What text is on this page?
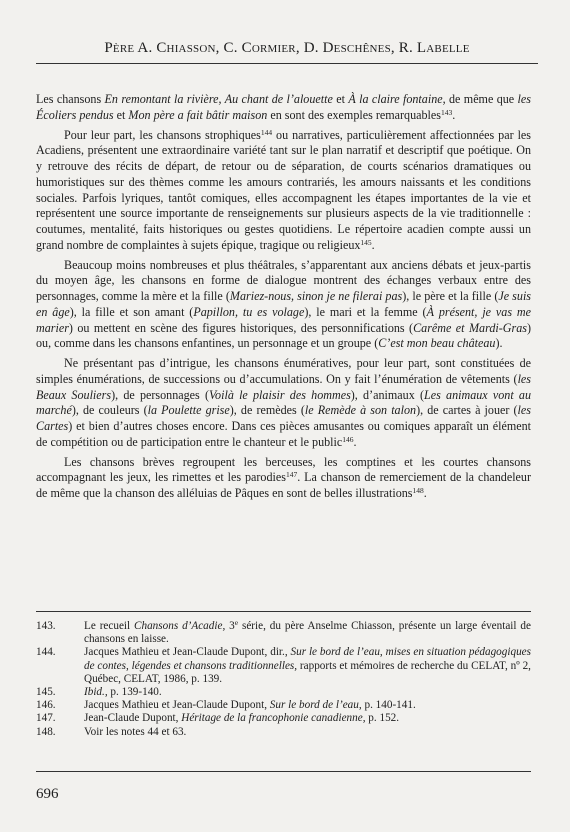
Père A. Chiasson, C. Cormier, D. Deschênes, R. Labelle

Les chansons En remontant la rivière, Au chant de l’alouette et À la claire fontaine, de même que les Écoliers pendus et Mon père a fait bâtir maison en sont des exemples remarquables$^{143}$.

Pour leur part, les chansons strophiques$^{144}$ ou narratives, particulièrement affectionnées par les Acadiens, présentent une extraordinaire variété tant sur le plan narratif et descriptif que poétique. On y retrouve des récits de départ, de retour ou de séparation, de courts scénarios dramatiques ou humoristiques sur des thèmes comme les amours contrariés, les amours naissants et les conditions sociales. Parfois lyriques, tantôt comiques, elles accompagnent les étapes importantes de la vie et représentent une source importante de renseignements sur plusieurs aspects de la vie traditionnelle : coutumes, mentalité, faits historiques ou gestes quotidiens. Le répertoire acadien compte aussi un grand nombre de complaintes à sujets épique, tragique ou religieux$^{145}$.

Beaucoup moins nombreuses et plus théâtrales, s’apparentant aux anciens débats et jeux-partis du moyen âge, les chansons en forme de dialogue montrent des échanges verbaux entre des personnages, comme la mère et la fille (Mariez-nous, sinon je ne filerai pas), le père et la fille (Je suis en âge), la fille et son amant (Papillon, tu es volage), le mari et la femme (À présent, je vas me marier) ou mettent en scène des figures historiques, des personnifications (Carême et Mardi-Gras) ou, comme dans les chansons enfantines, un personnage et un groupe (C’est mon beau château).

Ne présentant pas d’intrigue, les chansons énumératives, pour leur part, sont constituées de simples énumérations, de successions ou d’accumulations. On y fait l’énumération de vêtements (les Beaux Souliers), de personnages (Voilà le plaisir des hommes), d’animaux (Les animaux vont au marché), de couleurs (la Poulette grise), de remèdes (le Remède à son talon), de cartes à jouer (les Cartes) et bien d’autres choses encore. Dans ces pièces amusantes ou comiques apparaît un élément de compétition ou de participation entre le chanteur et le public$^{146}$.

Les chansons brèves regroupent les berceuses, les comptines et les courtes chansons accompagnant les jeux, les rimettes et les parodies$^{147}$. La chanson de remerciement de la chandeleur de même que la chanson des alléluias de Pâques en sont de belles illustrations$^{148}$.

143.	Le recueil Chansons d’Acadie, 3e série, du père Anselme Chiasson, présente un large éventail de chansons en laisse.
144.	Jacques Mathieu et Jean-Claude Dupont, dir., Sur le bord de l’eau, mises en situation pédagogiques de contes, légendes et chansons traditionnelles, rapports et mémoires de recherche du CELAT, nº 2, Québec, CELAT, 1986, p. 139.
145.	Ibid., p. 139-140.
146.	Jacques Mathieu et Jean-Claude Dupont, Sur le bord de l’eau, p. 140-141.
147.	Jean-Claude Dupont, Héritage de la francophonie canadienne, p. 152.
148.	Voir les notes 44 et 63.
696
